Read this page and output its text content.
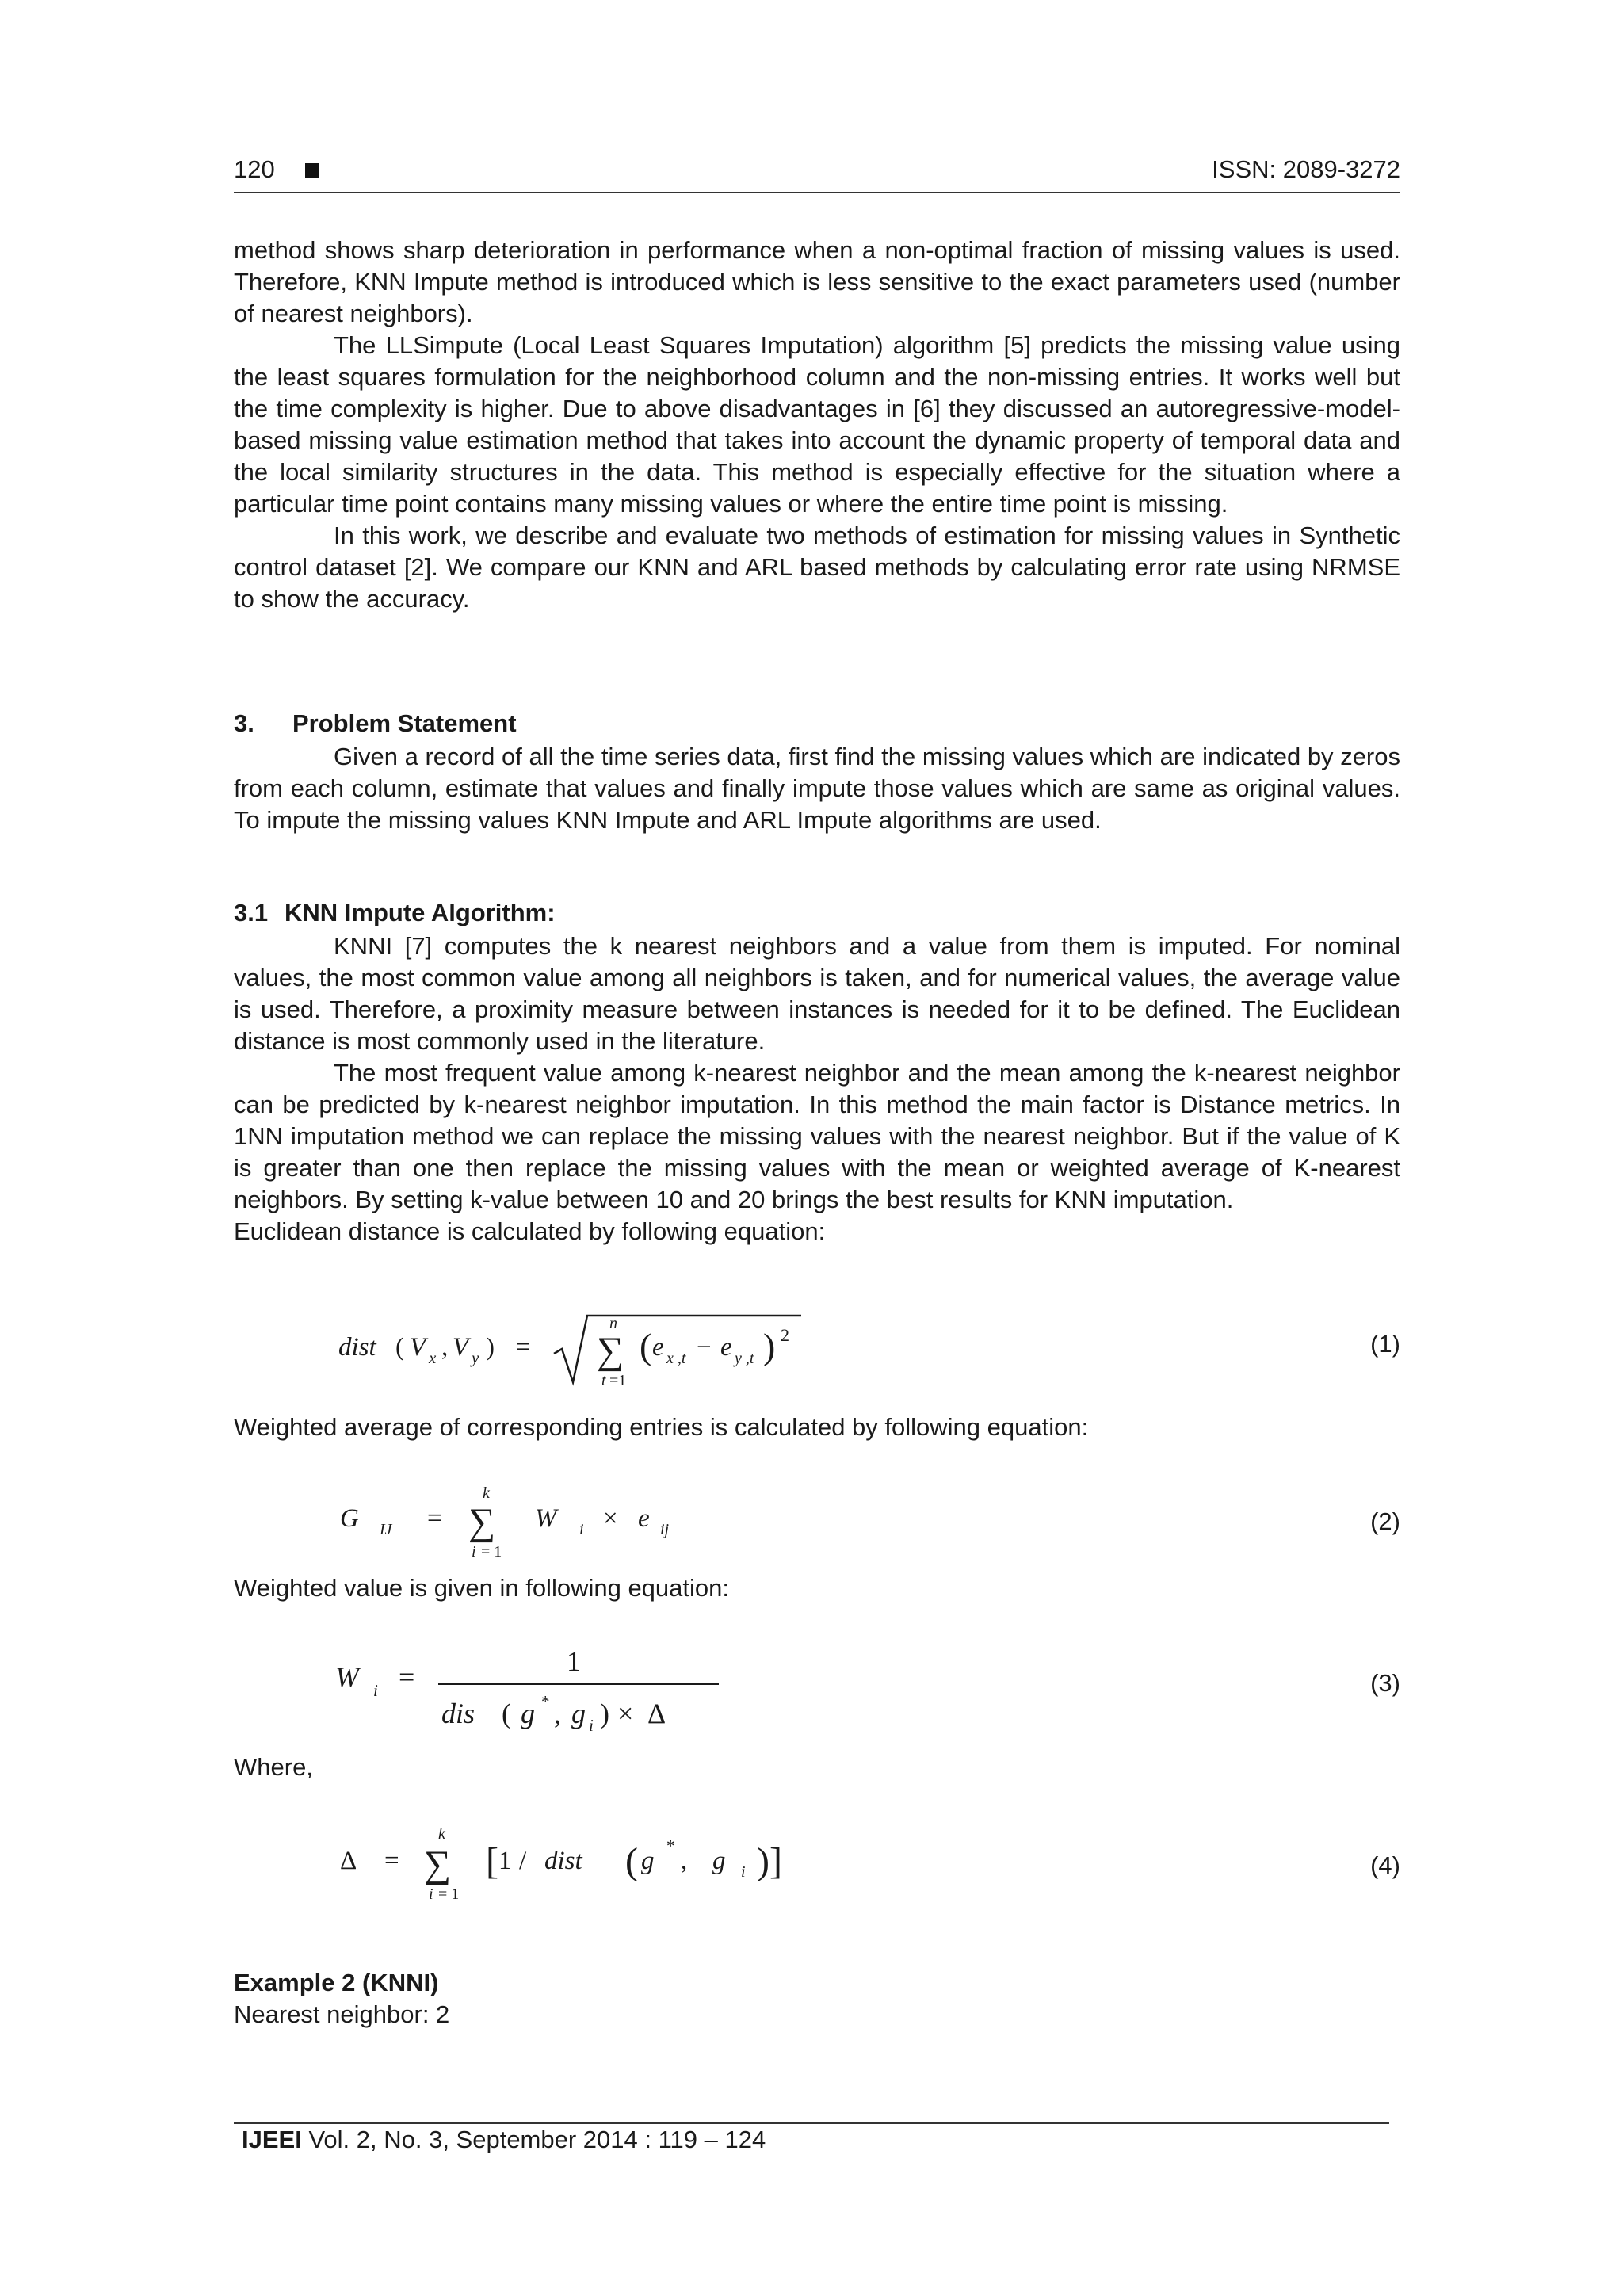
120	ISSN: 2089-3272

method shows sharp deterioration in performance when a non-optimal fraction of missing values is used. Therefore, KNN Impute method is introduced which is less sensitive to the exact parameters used (number of nearest neighbors).

The LLSimpute (Local Least Squares Imputation) algorithm [5] predicts the missing value using the least squares formulation for the neighborhood column and the non-missing entries. It works well but the time complexity is higher. Due to above disadvantages in [6] they discussed an autoregressive-model-based missing value estimation method that takes into account the dynamic property of temporal data and the local similarity structures in the data. This method is especially effective for the situation where a particular time point contains many missing values or where the entire time point is missing.

In this work, we describe and evaluate two methods of estimation for missing values in Synthetic control dataset [2]. We compare our KNN and ARL based methods by calculating error rate using NRMSE to show the accuracy.

3. Problem Statement

Given a record of all the time series data, first find the missing values which are indicated by zeros from each column, estimate that values and finally impute those values which are same as original values. To impute the missing values KNN Impute and ARL Impute algorithms are used.

3.1 KNN Impute Algorithm:

KNNI [7] computes the k nearest neighbors and a value from them is imputed. For nominal values, the most common value among all neighbors is taken, and for numerical values, the average value is used. Therefore, a proximity measure between instances is needed for it to be defined. The Euclidean distance is most commonly used in the literature.

The most frequent value among k-nearest neighbor and the mean among the k-nearest neighbor can be predicted by k-nearest neighbor imputation. In this method the main factor is Distance metrics. In 1NN imputation method we can replace the missing values with the nearest neighbor. But if the value of K is greater than one then replace the missing values with the mean or weighted average of K-nearest neighbors. By setting k-value between 10 and 20 brings the best results for KNN imputation.

Euclidean distance is calculated by following equation:

dist ( V x , V y ) = ∑
n
t =1
( e x ,t − e y ,t ) 2	(1)
Weighted average of corresponding entries is calculated by following equation:
G IJ = ∑
k
i = 1
W i × e ij	(2)
Weighted value is given in following equation:
W i =	1
dis ( g * , g i ) × Δ
(3)
Where,
Δ = ∑
k
i = 1
[ 1 / dist ( g
*
, g i )]	(4)
Example 2 (KNNI)
Nearest neighbor: 2
IJEEI Vol. 2, No. 3, September 2014 : 119 – 124
